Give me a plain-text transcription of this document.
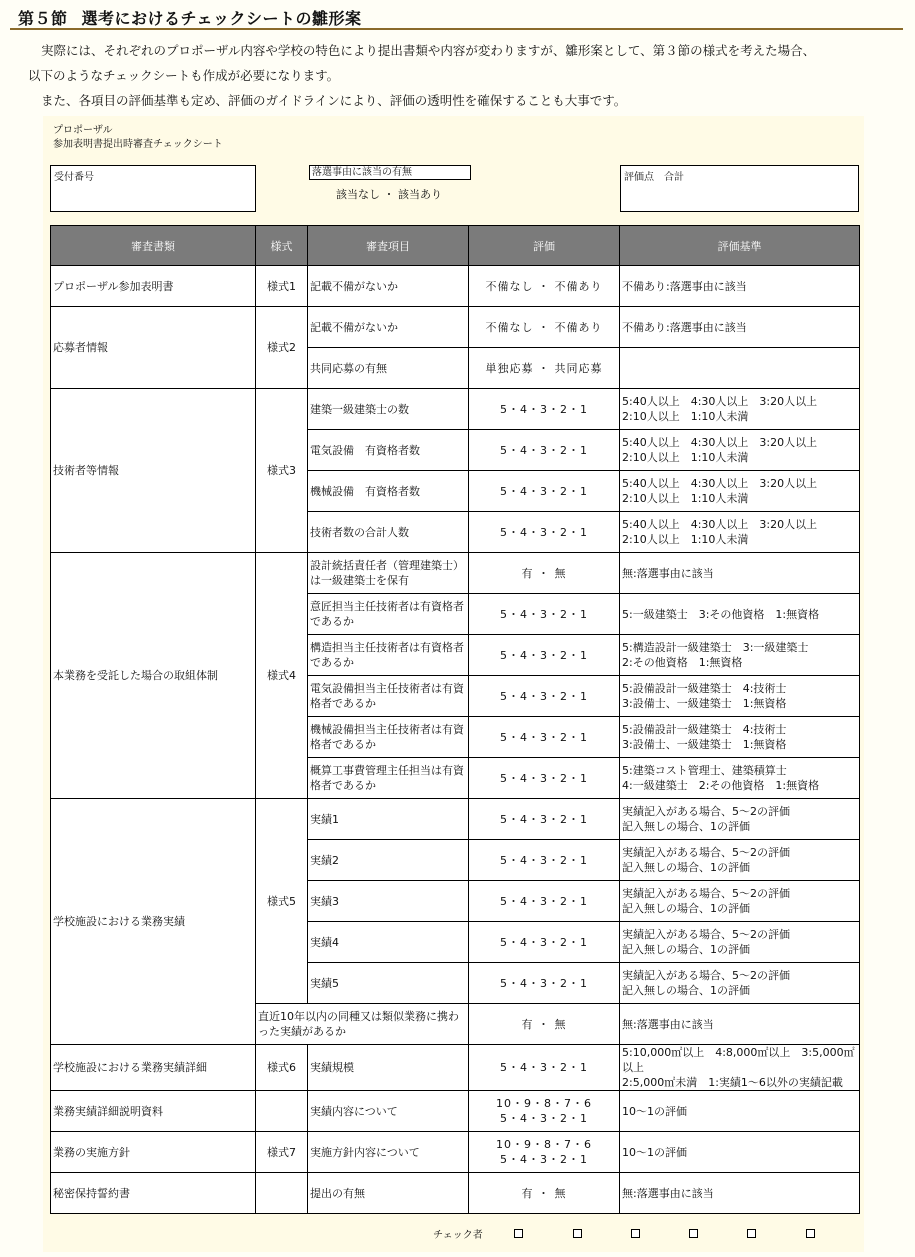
第５節 選考におけるチェックシートの雛形案

実際には、それぞれのプロポーザル内容や学校の特色により提出書類や内容が変わりますが、雛形案として、第３節の様式を考えた場合、

以下のようなチェックシートも作成が必要になります。

また、各項目の評価基準も定め、評価のガイドラインにより、評価の透明性を確保することも大事です。

プロポーザル
参加表明書提出時審査チェックシート
受付番号	落選事由に該当の有無
該当なし ・ 該当あり
評価点　合計
審査書類	様式	審査項目	評価	評価基準
プロポーザル参加表明書	様式1	記載不備がないか	不備なし ・ 不備あり	不備あり:落選事由に該当
応募者情報	様式2	記載不備がないか	不備なし ・ 不備あり	不備あり:落選事由に該当
		共同応募の有無	単独応募 ・ 共同応募	
技術者等情報	様式3	建築一級建築士の数	5・4・3・2・1	5:40人以上　4:30人以上　3:20人以上
2:10人以上　1:10人未満
		電気設備　有資格者数	5・4・3・2・1	5:40人以上　4:30人以上　3:20人以上
2:10人以上　1:10人未満
		機械設備　有資格者数	5・4・3・2・1	5:40人以上　4:30人以上　3:20人以上
2:10人以上　1:10人未満
		技術者数の合計人数	5・4・3・2・1	5:40人以上　4:30人以上　3:20人以上
2:10人以上　1:10人未満
本業務を受託した場合の取組体制	様式4	設計統括責任者（管理建築士）は一級建築士を保有	有 ・ 無	無:落選事由に該当
		意匠担当主任技術者は有資格者であるか	5・4・3・2・1	5:一級建築士　3:その他資格　1:無資格
		構造担当主任技術者は有資格者であるか	5・4・3・2・1	5:構造設計一級建築士　3:一級建築士
2:その他資格　1:無資格
		電気設備担当主任技術者は有資格者であるか	5・4・3・2・1	5:設備設計一級建築士　4:技術士
3:設備士、一級建築士　1:無資格
		機械設備担当主任技術者は有資格者であるか	5・4・3・2・1	5:設備設計一級建築士　4:技術士
3:設備士、一級建築士　1:無資格
		概算工事費管理主任担当は有資格者であるか	5・4・3・2・1	5:建築コスト管理士、建築積算士
4:一級建築士　2:その他資格　1:無資格
学校施設における業務実績	様式5	実績1	5・4・3・2・1	実績記入がある場合、5～2の評価
記入無しの場合、1の評価
		実績2	5・4・3・2・1	実績記入がある場合、5～2の評価
記入無しの場合、1の評価
		実績3	5・4・3・2・1	実績記入がある場合、5～2の評価
記入無しの場合、1の評価
		実績4	5・4・3・2・1	実績記入がある場合、5～2の評価
記入無しの場合、1の評価
		実績5	5・4・3・2・1	実績記入がある場合、5～2の評価
記入無しの場合、1の評価
	直近10年以内の同種又は類似業務に携わった実績があるか		有 ・ 無	無:落選事由に該当
学校施設における業務実績詳細	様式6	実績規模	5・4・3・2・1	5:10,000㎡以上　4:8,000㎡以上　3:5,000㎡以上
2:5,000㎡未満　1:実績1～6以外の実績記載
業務実績詳細説明資料		実績内容について	10・9・8・7・6
5・4・3・2・1	10～1の評価
業務の実施方針	様式7	実施方針内容について	10・9・8・7・6
5・4・3・2・1	10～1の評価
秘密保持誓約書		提出の有無	有 ・ 無	無:落選事由に該当
チェック者
